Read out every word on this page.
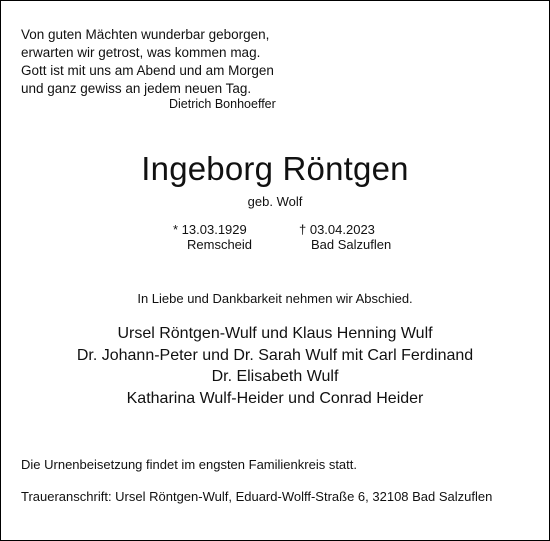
Von guten Mächten wunderbar geborgen,
erwarten wir getrost, was kommen mag.
Gott ist mit uns am Abend und am Morgen
und ganz gewiss an jedem neuen Tag.
Dietrich Bonhoeffer
Ingeborg Röntgen
geb. Wolf
* 13.03.1929	† 03.04.2023
Remscheid	Bad Salzuflen
In Liebe und Dankbarkeit nehmen wir Abschied.
Ursel Röntgen-Wulf und Klaus Henning Wulf
Dr. Johann-Peter und Dr. Sarah Wulf mit Carl Ferdinand
Dr. Elisabeth Wulf
Katharina Wulf-Heider und Conrad Heider
Die Urnenbeisetzung findet im engsten Familienkreis statt.
Traueranschrift: Ursel Röntgen-Wulf, Eduard-Wolff-Straße 6, 32108 Bad Salzuflen
